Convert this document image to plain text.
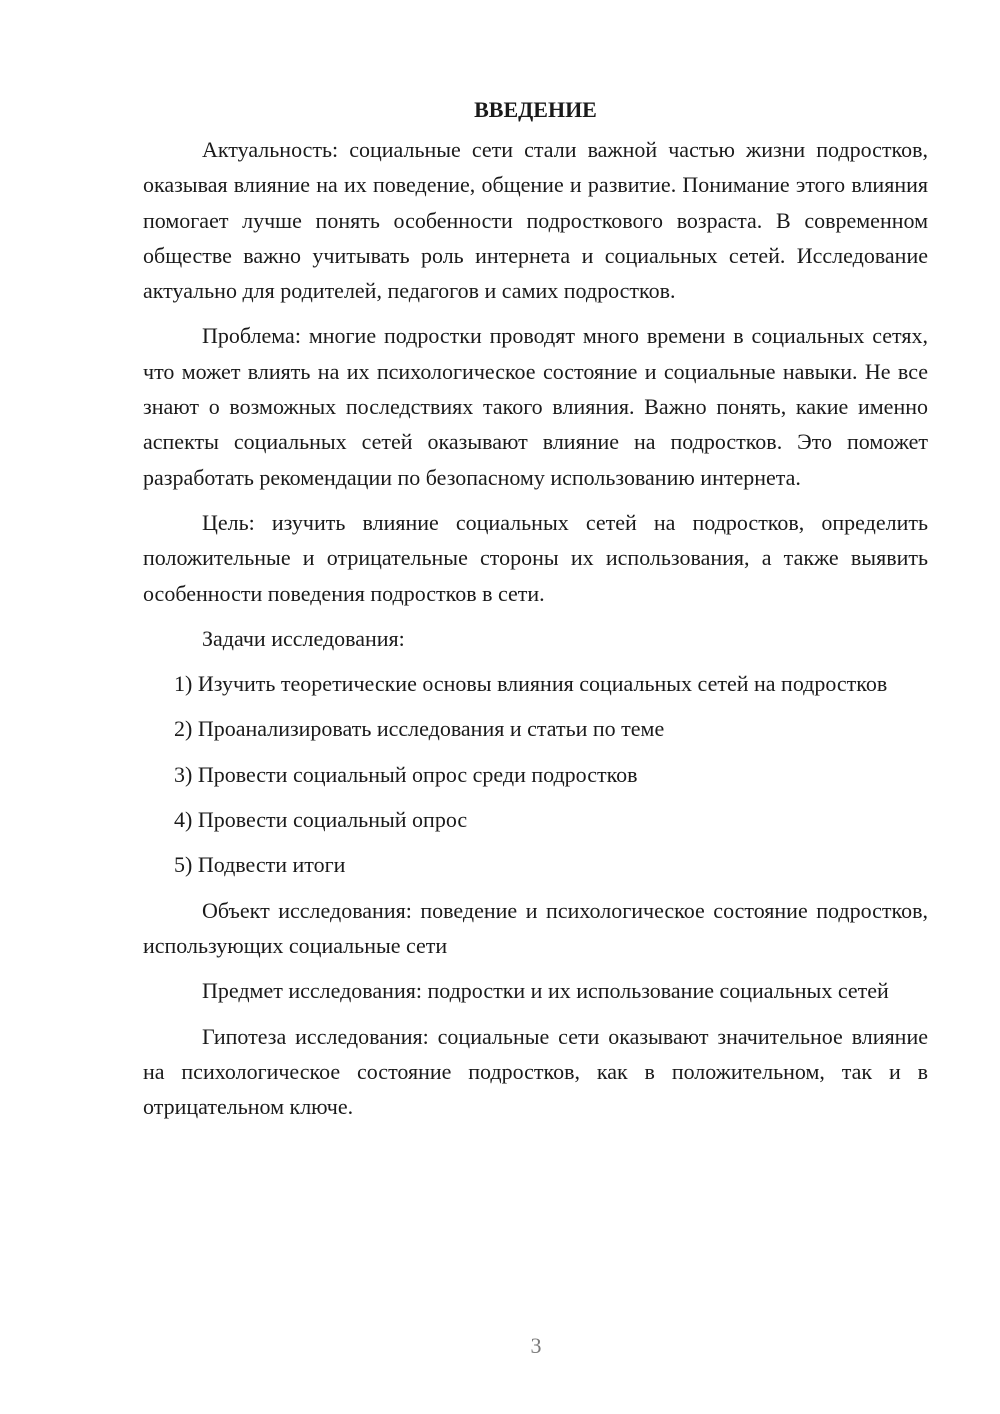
ВВЕДЕНИЕ

Актуальность: социальные сети стали важной частью жизни подростков, оказывая влияние на их поведение, общение и развитие. Понимание этого влияния помогает лучше понять особенности подросткового возраста. В современном обществе важно учитывать роль интернета и социальных сетей. Исследование актуально для родителей, педагогов и самих подростков.

Проблема: многие подростки проводят много времени в социальных сетях, что может влиять на их психологическое состояние и социальные навыки. Не все знают о возможных последствиях такого влияния. Важно понять, какие именно аспекты социальных сетей оказывают влияние на подростков. Это поможет разработать рекомендации по безопасному использованию интернета.

Цель: изучить влияние социальных сетей на подростков, определить положительные и отрицательные стороны их использования, а также выявить особенности поведения подростков в сети.

Задачи исследования:

1) Изучить теоретические основы влияния социальных сетей на подростков

2) Проанализировать исследования и статьи по теме

3) Провести социальный опрос среди подростков

4) Провести социальный опрос

5) Подвести итоги

Объект исследования: поведение и психологическое состояние подростков, использующих социальные сети

Предмет исследования: подростки и их использование социальных сетей

Гипотеза исследования: социальные сети оказывают значительное влияние на психологическое состояние подростков, как в положительном, так и в отрицательном ключе.

3
